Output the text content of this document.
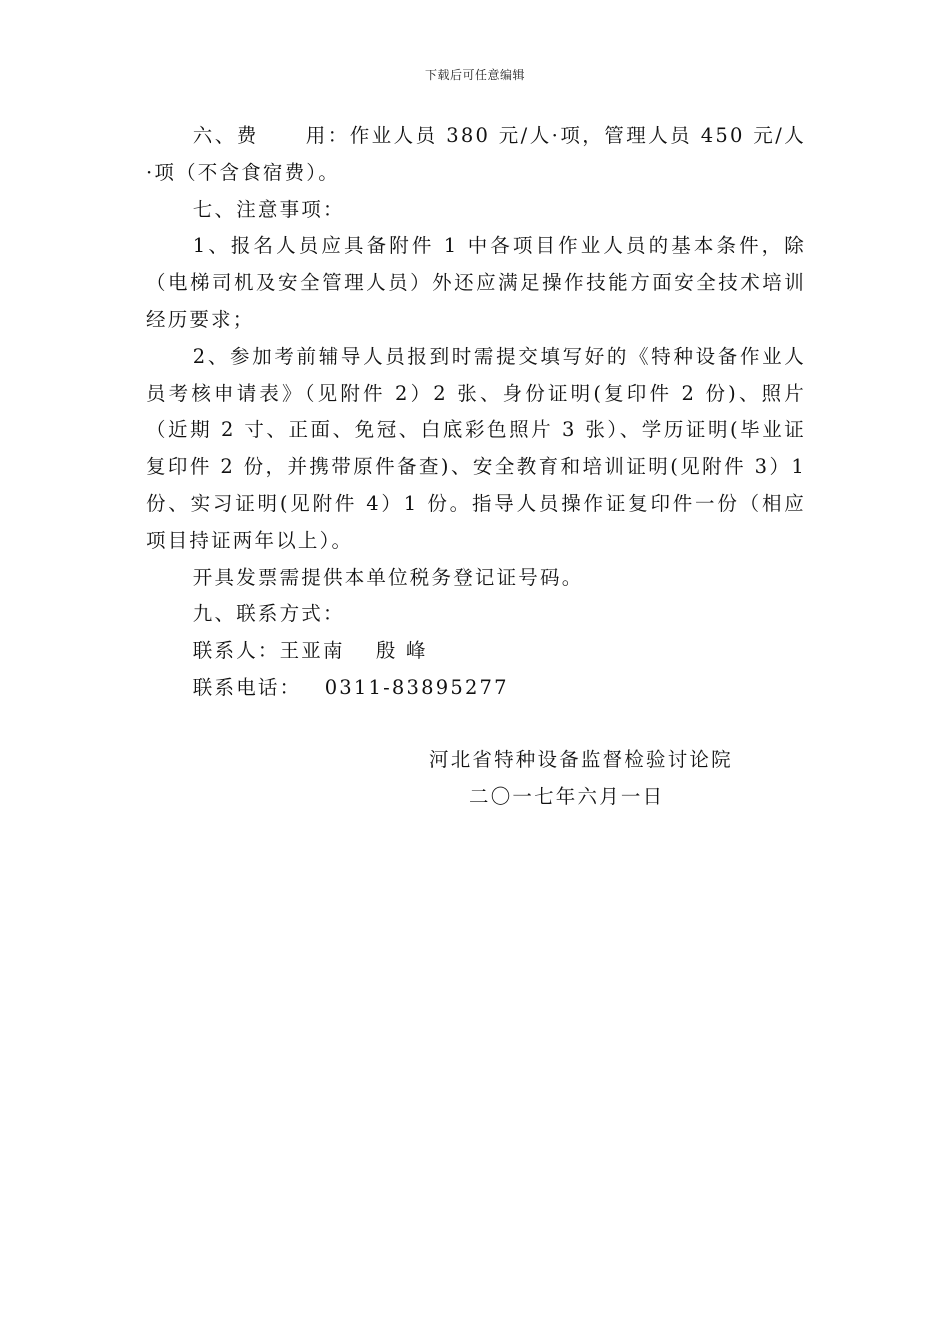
下载后可任意编辑

六、费 用：作业人员 380 元/人·项，管理人员 450 元/人·项（不含食宿费）。

七、注意事项：

1、报名人员应具备附件 1 中各项目作业人员的基本条件，除（电梯司机及安全管理人员）外还应满足操作技能方面安全技术培训经历要求；

2、参加考前辅导人员报到时需提交填写好的《特种设备作业人员考核申请表》（见附件 2）2 张、身份证明(复印件 2 份)、照片（近期 2 寸、正面、免冠、白底彩色照片 3 张）、学历证明(毕业证复印件 2 份，并携带原件备查)、安全教育和培训证明(见附件 3）1 份、实习证明(见附件 4）1 份。指导人员操作证复印件一份（相应项目持证两年以上）。

开具发票需提供本单位税务登记证号码。

九、联系方式：

联系人：王亚南 殷 峰

联系电话： 0311-83895277

河北省特种设备监督检验讨论院
二〇一七年六月一日
